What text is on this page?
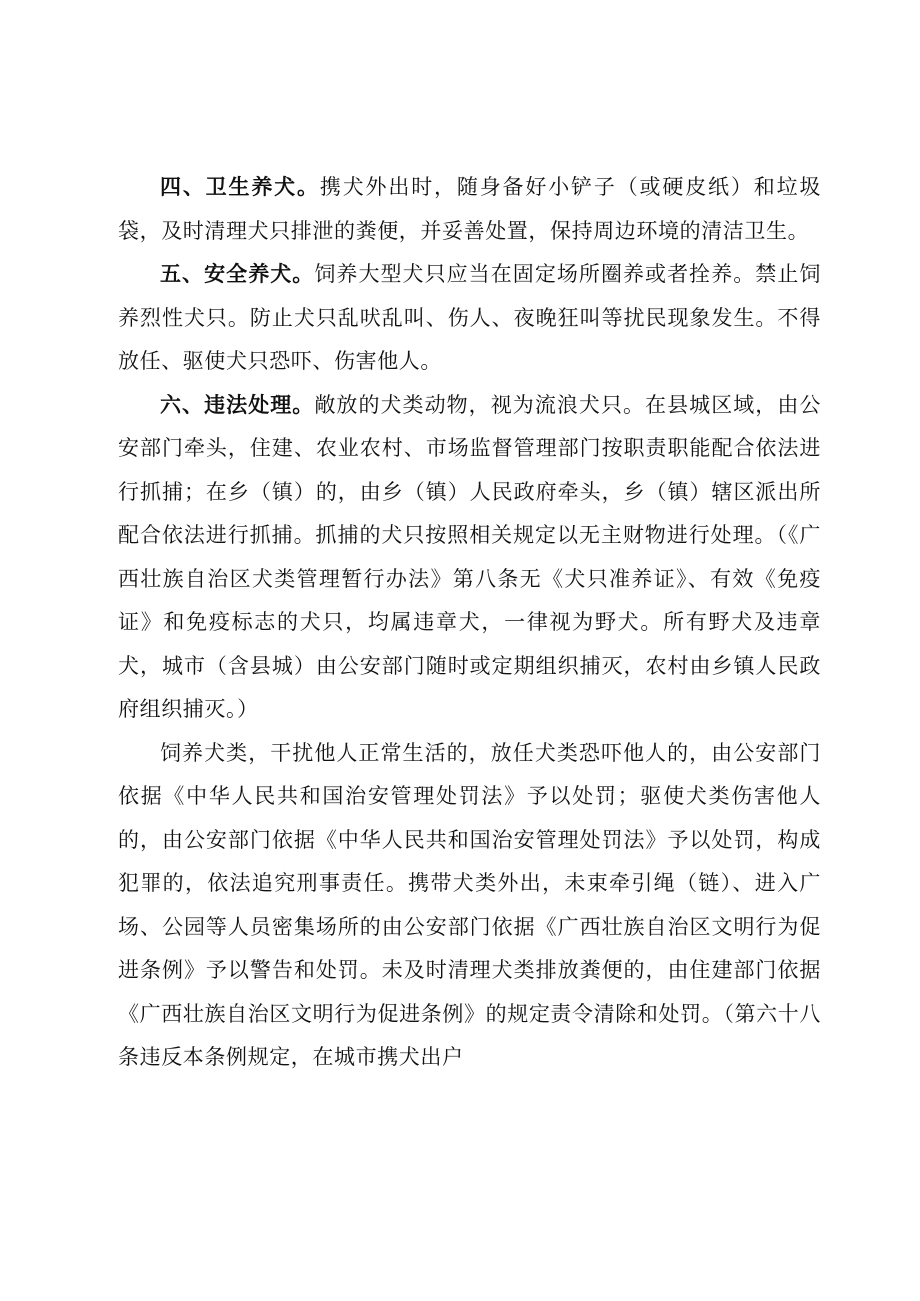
四、卫生养犬。携犬外出时，随身备好小铲子（或硬皮纸）和垃圾袋，及时清理犬只排泄的粪便，并妥善处置，保持周边环境的清洁卫生。

五、安全养犬。饲养大型犬只应当在固定场所圈养或者拴养。禁止饲养烈性犬只。防止犬只乱吠乱叫、伤人、夜晚狂叫等扰民现象发生。不得放任、驱使犬只恐吓、伤害他人。

六、违法处理。敞放的犬类动物，视为流浪犬只。在县城区域，由公安部门牵头，住建、农业农村、市场监督管理部门按职责职能配合依法进行抓捕；在乡（镇）的，由乡（镇）人民政府牵头，乡（镇）辖区派出所配合依法进行抓捕。抓捕的犬只按照相关规定以无主财物进行处理。（《广西壮族自治区犬类管理暂行办法》第八条无《犬只准养证》、有效《免疫证》和免疫标志的犬只，均属违章犬，一律视为野犬。所有野犬及违章犬，城市（含县城）由公安部门随时或定期组织捕灭，农村由乡镇人民政府组织捕灭。）

饲养犬类，干扰他人正常生活的，放任犬类恐吓他人的，由公安部门依据《中华人民共和国治安管理处罚法》予以处罚；驱使犬类伤害他人的，由公安部门依据《中华人民共和国治安管理处罚法》予以处罚，构成犯罪的，依法追究刑事责任。携带犬类外出，未束牵引绳（链）、进入广场、公园等人员密集场所的由公安部门依据《广西壮族自治区文明行为促进条例》予以警告和处罚。未及时清理犬类排放粪便的，由住建部门依据《广西壮族自治区文明行为促进条例》的规定责令清除和处罚。（第六十八条违反本条例规定，在城市携犬出户
